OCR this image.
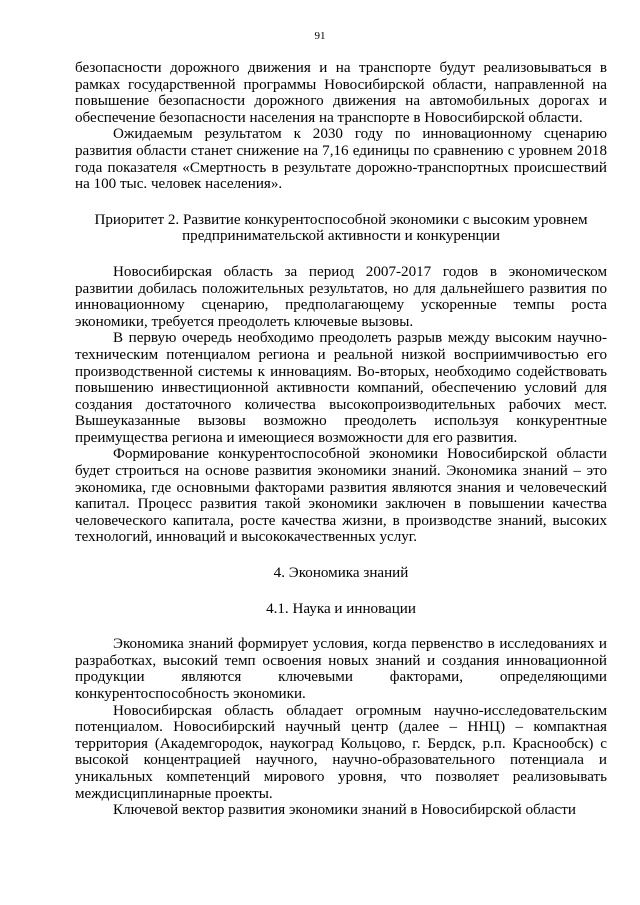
91

безопасности дорожного движения и на транспорте будут реализовываться в рамках государственной программы Новосибирской области, направленной на повышение безопасности дорожного движения на автомобильных дорогах и обеспечение безопасности населения на транспорте в Новосибирской области.

Ожидаемым результатом к 2030 году по инновационному сценарию развития области станет снижение на 7,16 единицы по сравнению с уровнем 2018 года показателя «Смертность в результате дорожно-транспортных происшествий на 100 тыс. человек населения».

Приоритет 2. Развитие конкурентоспособной экономики с высоким уровнем
предпринимательской активности и конкуренции

Новосибирская область за период 2007-2017 годов в экономическом развитии добилась положительных результатов, но для дальнейшего развития по инновационному сценарию, предполагающему ускоренные темпы роста экономики, требуется преодолеть ключевые вызовы.

В первую очередь необходимо преодолеть разрыв между высоким научно-техническим потенциалом региона и реальной низкой восприимчивостью его производственной системы к инновациям. Во-вторых, необходимо содействовать повышению инвестиционной активности компаний, обеспечению условий для создания достаточного количества высокопроизводительных рабочих мест. Вышеуказанные вызовы возможно преодолеть используя конкурентные преимущества региона и имеющиеся возможности для его развития.

Формирование конкурентоспособной экономики Новосибирской области будет строиться на основе развития экономики знаний. Экономика знаний – это экономика, где основными факторами развития являются знания и человеческий капитал. Процесс развития такой экономики заключен в повышении качества человеческого капитала, росте качества жизни, в производстве знаний, высоких технологий, инноваций и высококачественных услуг.

4. Экономика знаний
4.1. Наука и инновации

Экономика знаний формирует условия, когда первенство в исследованиях и разработках, высокий темп освоения новых знаний и создания инновационной продукции являются ключевыми факторами, определяющими конкурентоспособность экономики.

Новосибирская область обладает огромным научно-исследовательским потенциалом. Новосибирский научный центр (далее – ННЦ) – компактная территория (Академгородок, наукоград Кольцово, г. Бердск, р.п. Краснообск) с высокой концентрацией научного, научно-образовательного потенциала и уникальных компетенций мирового уровня, что позволяет реализовывать междисциплинарные проекты.

Ключевой вектор развития экономики знаний в Новосибирской области
